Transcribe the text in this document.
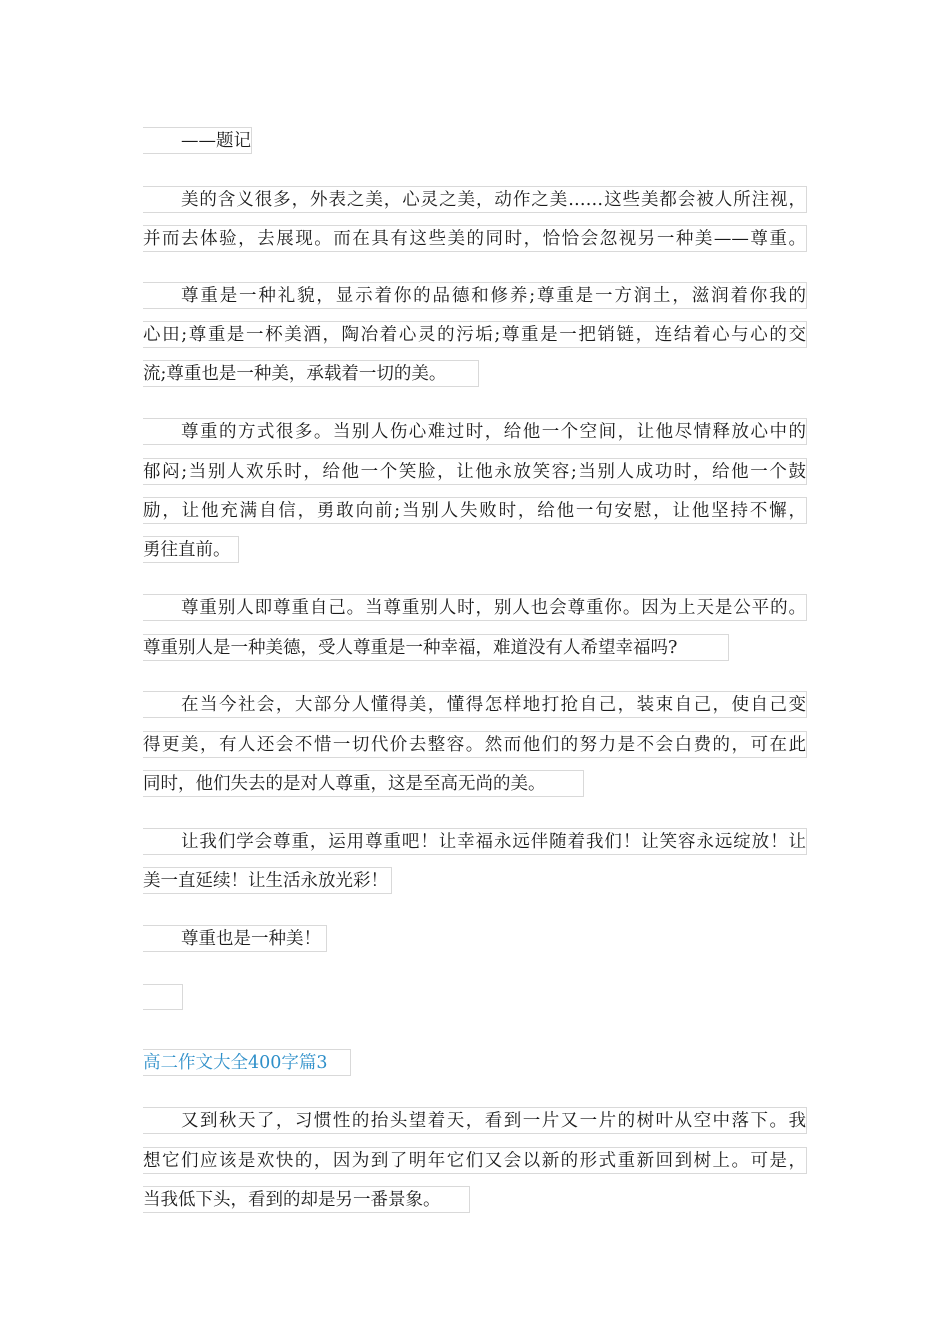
——题记
美的含义很多，外表之美，心灵之美，动作之美……这些美都会被人所注视，
并而去体验，去展现。而在具有这些美的同时，恰恰会忽视另一种美——尊重。
尊重是一种礼貌，显示着你的品德和修养;尊重是一方润土，滋润着你我的
心田;尊重是一杯美酒，陶冶着心灵的污垢;尊重是一把销链，连结着心与心的交
流;尊重也是一种美，承载着一切的美。
尊重的方式很多。当别人伤心难过时，给他一个空间，让他尽情释放心中的
郁闷;当别人欢乐时，给他一个笑脸，让他永放笑容;当别人成功时，给他一个鼓
励，让他充满自信，勇敢向前;当别人失败时，给他一句安慰，让他坚持不懈，
勇往直前。
尊重别人即尊重自己。当尊重别人时，别人也会尊重你。因为上天是公平的。
尊重别人是一种美德，受人尊重是一种幸福，难道没有人希望幸福吗?
在当今社会，大部分人懂得美，懂得怎样地打抢自己，装束自己，使自己变
得更美，有人还会不惜一切代价去整容。然而他们的努力是不会白费的，可在此
同时，他们失去的是对人尊重，这是至高无尚的美。
让我们学会尊重，运用尊重吧！让幸福永远伴随着我们！让笑容永远绽放！让
美一直延续！让生活永放光彩！
尊重也是一种美！
高二作文大全400字篇3
又到秋天了，习惯性的抬头望着天，看到一片又一片的树叶从空中落下。我
想它们应该是欢快的，因为到了明年它们又会以新的形式重新回到树上。可是，
当我低下头，看到的却是另一番景象。
